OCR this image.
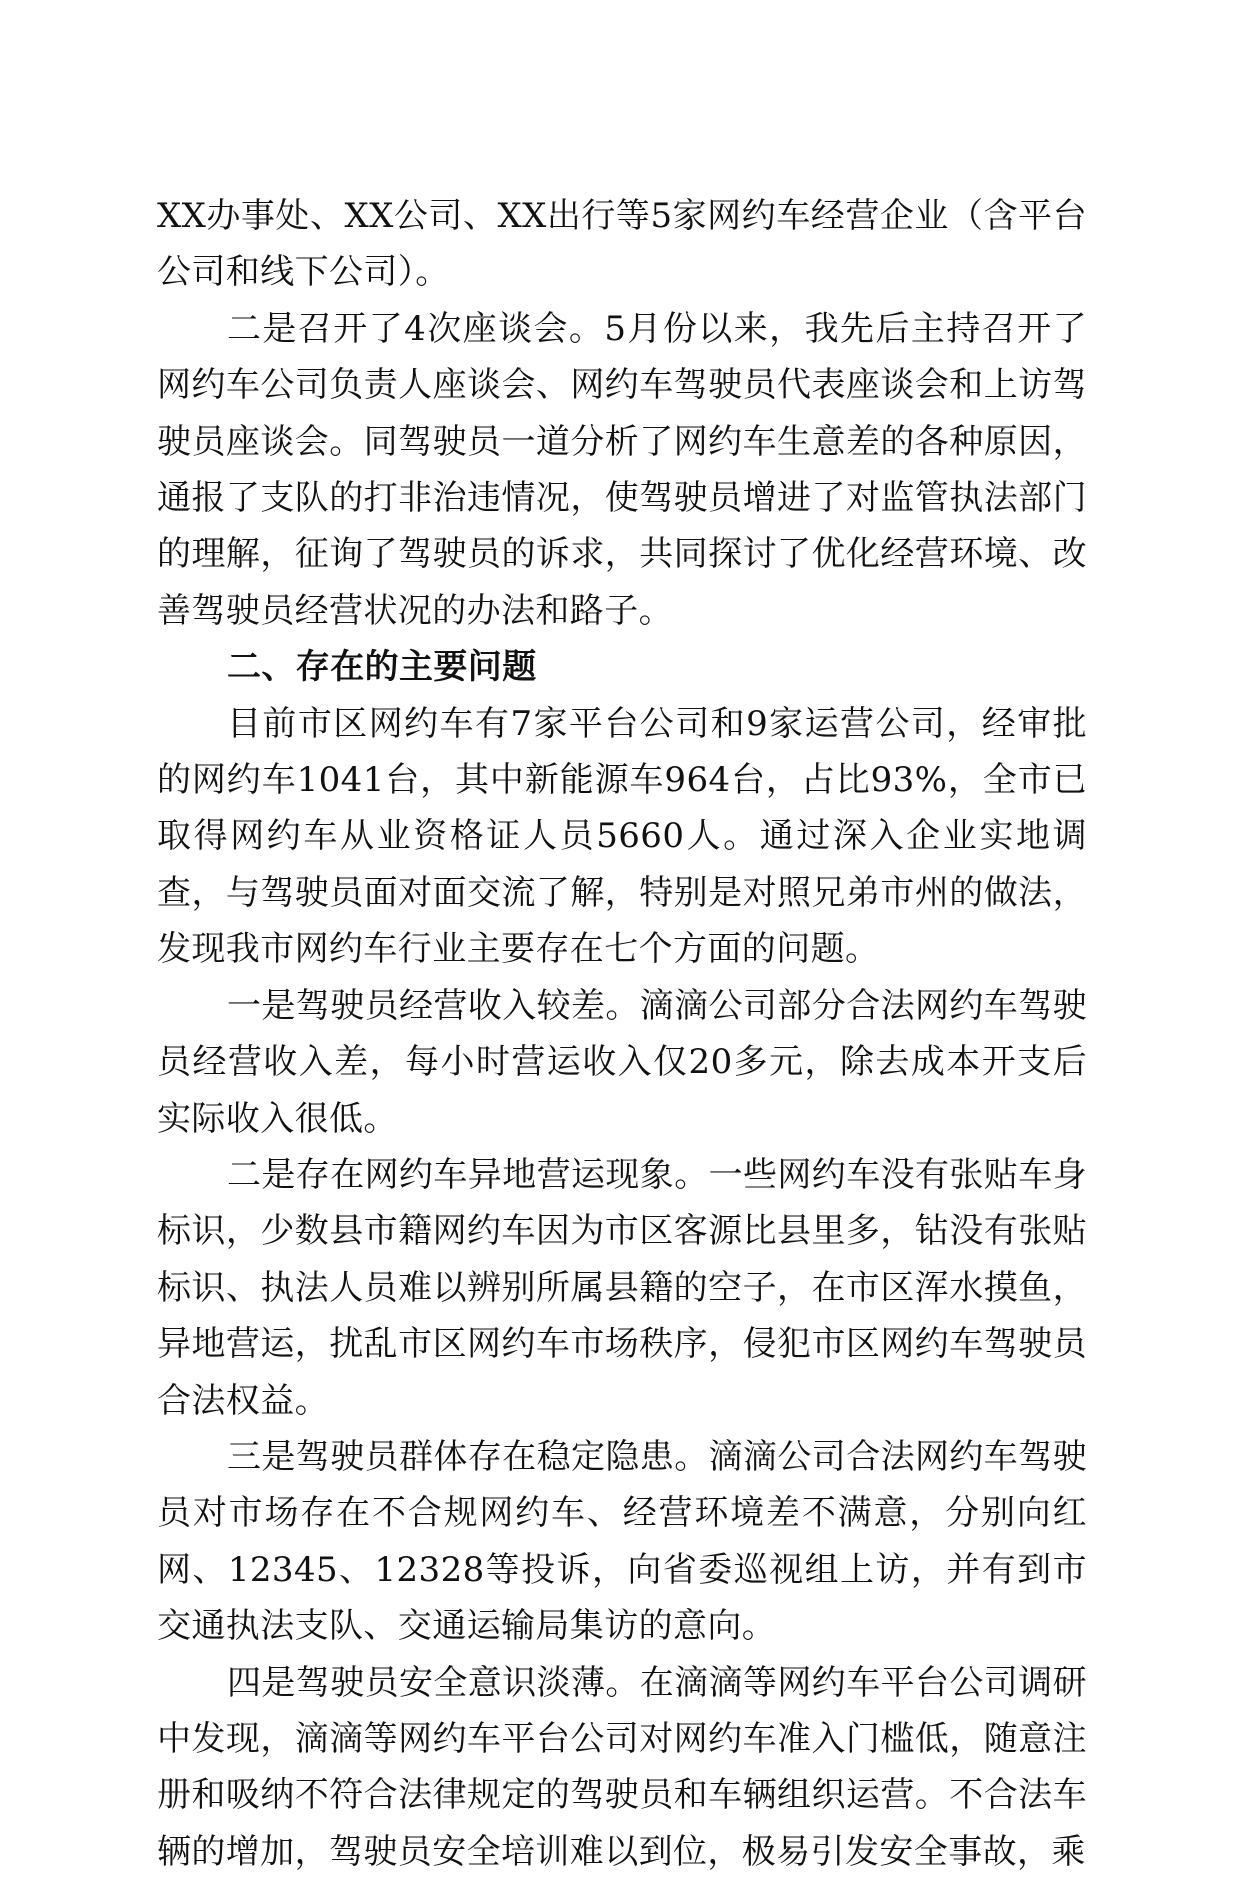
XX办事处、XX公司、XX出行等5家网约车经营企业（含平台公司和线下公司）。

二是召开了4次座谈会。5月份以来，我先后主持召开了网约车公司负责人座谈会、网约车驾驶员代表座谈会和上访驾驶员座谈会。同驾驶员一道分析了网约车生意差的各种原因，通报了支队的打非治违情况，使驾驶员增进了对监管执法部门的理解，征询了驾驶员的诉求，共同探讨了优化经营环境、改善驾驶员经营状况的办法和路子。

二、存在的主要问题

目前市区网约车有7家平台公司和9家运营公司，经审批的网约车1041台，其中新能源车964台，占比93%，全市已取得网约车从业资格证人员5660人。通过深入企业实地调查，与驾驶员面对面交流了解，特别是对照兄弟市州的做法，发现我市网约车行业主要存在七个方面的问题。

一是驾驶员经营收入较差。滴滴公司部分合法网约车驾驶员经营收入差，每小时营运收入仅20多元，除去成本开支后实际收入很低。

二是存在网约车异地营运现象。一些网约车没有张贴车身标识，少数县市籍网约车因为市区客源比县里多，钻没有张贴标识、执法人员难以辨别所属县籍的空子，在市区浑水摸鱼，异地营运，扰乱市区网约车市场秩序，侵犯市区网约车驾驶员合法权益。

三是驾驶员群体存在稳定隐患。滴滴公司合法网约车驾驶员对市场存在不合规网约车、经营环境差不满意，分别向红网、12345、12328等投诉，向省委巡视组上访，并有到市交通执法支队、交通运输局集访的意向。

四是驾驶员安全意识淡薄。在滴滴等网约车平台公司调研中发现，滴滴等网约车平台公司对网约车准入门槛低，随意注册和吸纳不符合法律规定的驾驶员和车辆组织运营。不合法车辆的增加，驾驶员安全培训难以到位，极易引发安全事故，乘
